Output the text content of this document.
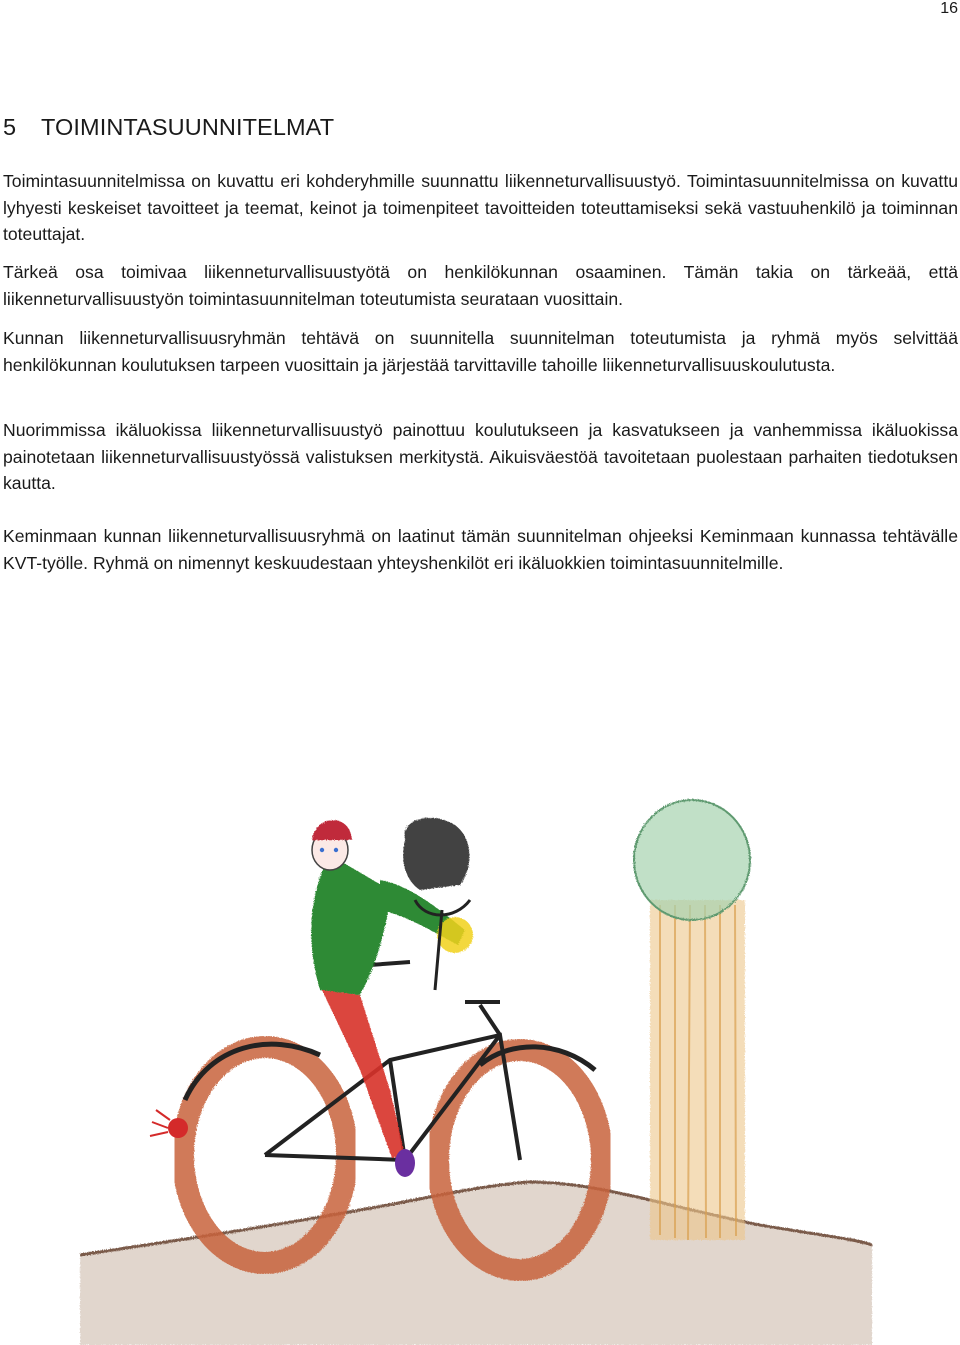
16
5 TOIMINTASUUNNITELMAT

Toimintasuunnitelmissa on kuvattu eri kohderyhmille suunnattu liikenneturvallisuustyö. Toimintasuunnitelmissa on kuvattu lyhyesti keskeiset tavoitteet ja teemat, keinot ja toimenpiteet tavoitteiden toteuttamiseksi sekä vastuuhenkilö ja toiminnan toteuttajat.

Tärkeä osa toimivaa liikenneturvallisuustyötä on henkilökunnan osaaminen. Tämän takia on tärkeää, että liikenneturvallisuustyön toimintasuunnitelman toteutumista seurataan vuosittain.

Kunnan liikenneturvallisuusryhmän tehtävä on suunnitella suunnitelman toteutumista ja ryhmä myös selvittää henkilökunnan koulutuksen tarpeen vuosittain ja järjestää tarvittaville tahoille liikenneturvallisuuskoulutusta.

Nuorimmissa ikäluokissa liikenneturvallisuustyö painottuu koulutukseen ja kasvatukseen ja vanhemmissa ikäluokissa painotetaan liikenneturvallisuustyössä valistuksen merkitystä. Aikuisväestöä tavoitetaan puolestaan parhaiten tiedotuksen kautta.

Keminmaan kunnan liikenneturvallisuusryhmä on laatinut tämän suunnitelman ohjeeksi Keminmaan kunnassa tehtävälle KVT-työlle. Ryhmä on nimennyt keskuudestaan yhteyshenkilöt eri ikäluokkien toimintasuunnitelmille.
